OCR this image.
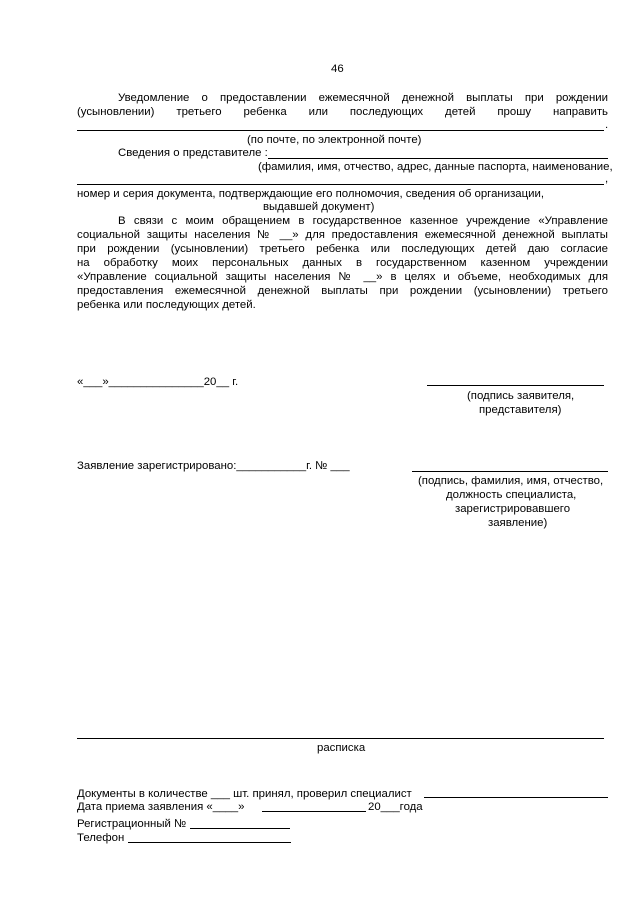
46
Уведомление о предоставлении ежемесячной денежной выплаты при рождении
(усыновлении) третьего ребенка или последующих детей прошу направить
.
(по почте, по электронной почте)
Сведения о представителе :
(фамилия, имя, отчество, адрес, данные паспорта, наименование,
,
номер и серия документа, подтверждающие его полномочия, сведения об организации,
выдавшей документ)
В связи с моим обращением в государственное казенное учреждение «Управление
социальной защиты населения № __» для предоставления ежемесячной денежной выплаты
при рождении (усыновлении) третьего ребенка или последующих детей даю согласие
на обработку моих персональных данных в государственном казенном учреждении
«Управление социальной защиты населения № __» в целях и объеме, необходимых для
предоставления ежемесячной денежной выплаты при рождении (усыновлении) третьего
ребенка или последующих детей.
«___»_______________20__ г.
(подпись заявителя,
представителя)
Заявление зарегистрировано:___________г. № ___
(подпись, фамилия, имя, отчество,
должность специалиста,
зарегистрировавшего
заявление)
расписка
Документы в количестве ___ шт. принял, проверил специалист
Дата приема заявления «____»	20___года
Регистрационный №
Телефон
